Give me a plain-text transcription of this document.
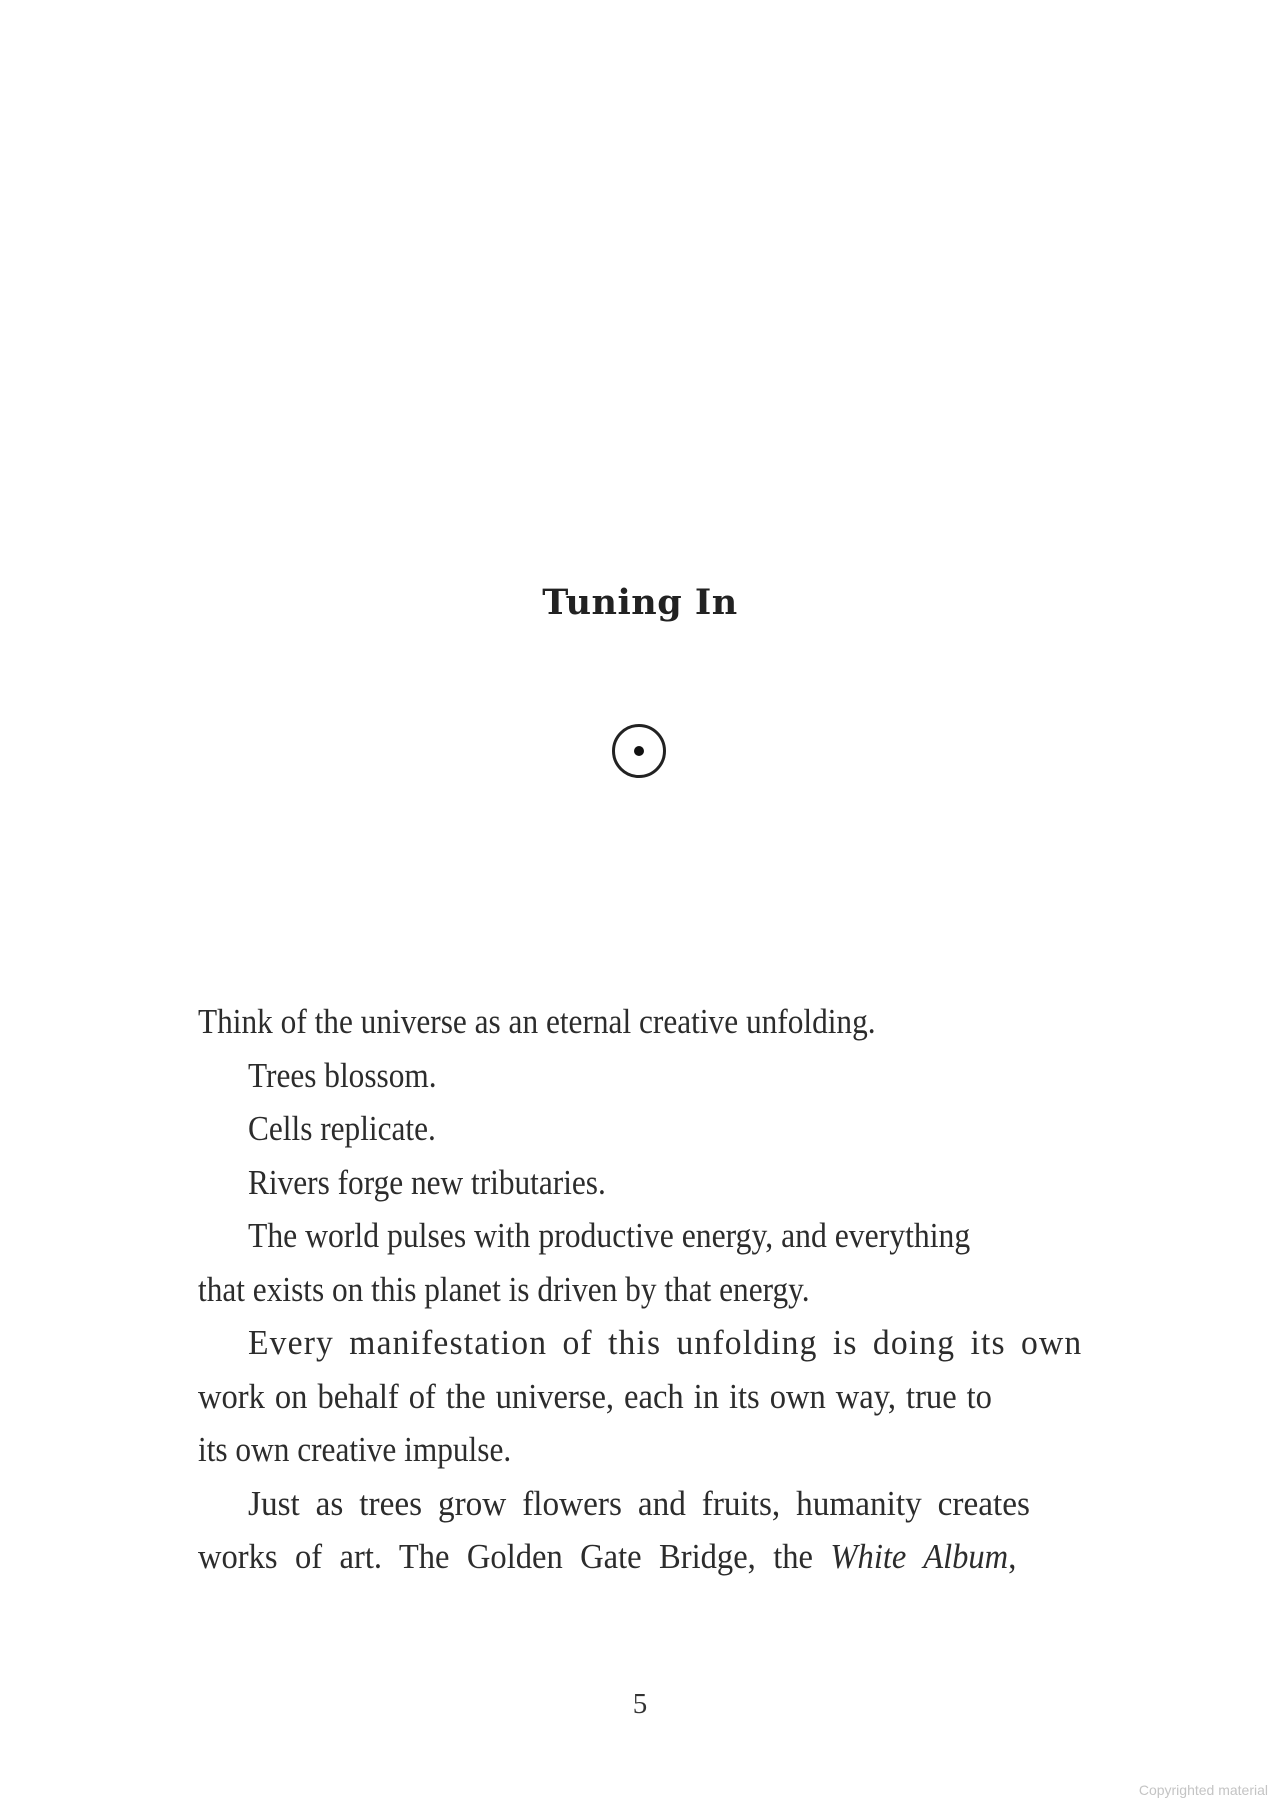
Tuning In
Think of the universe as an eternal creative unfolding.
Trees blossom.
Cells replicate.
Rivers forge new tributaries.
The world pulses with productive energy, and everything
that exists on this planet is driven by that energy.
Every manifestation of this unfolding is doing its own
work on behalf of the universe, each in its own way, true to
its own creative impulse.
Just as trees grow flowers and fruits, humanity creates
works of art. The Golden Gate Bridge, the White Album,
5
Copyrighted material
